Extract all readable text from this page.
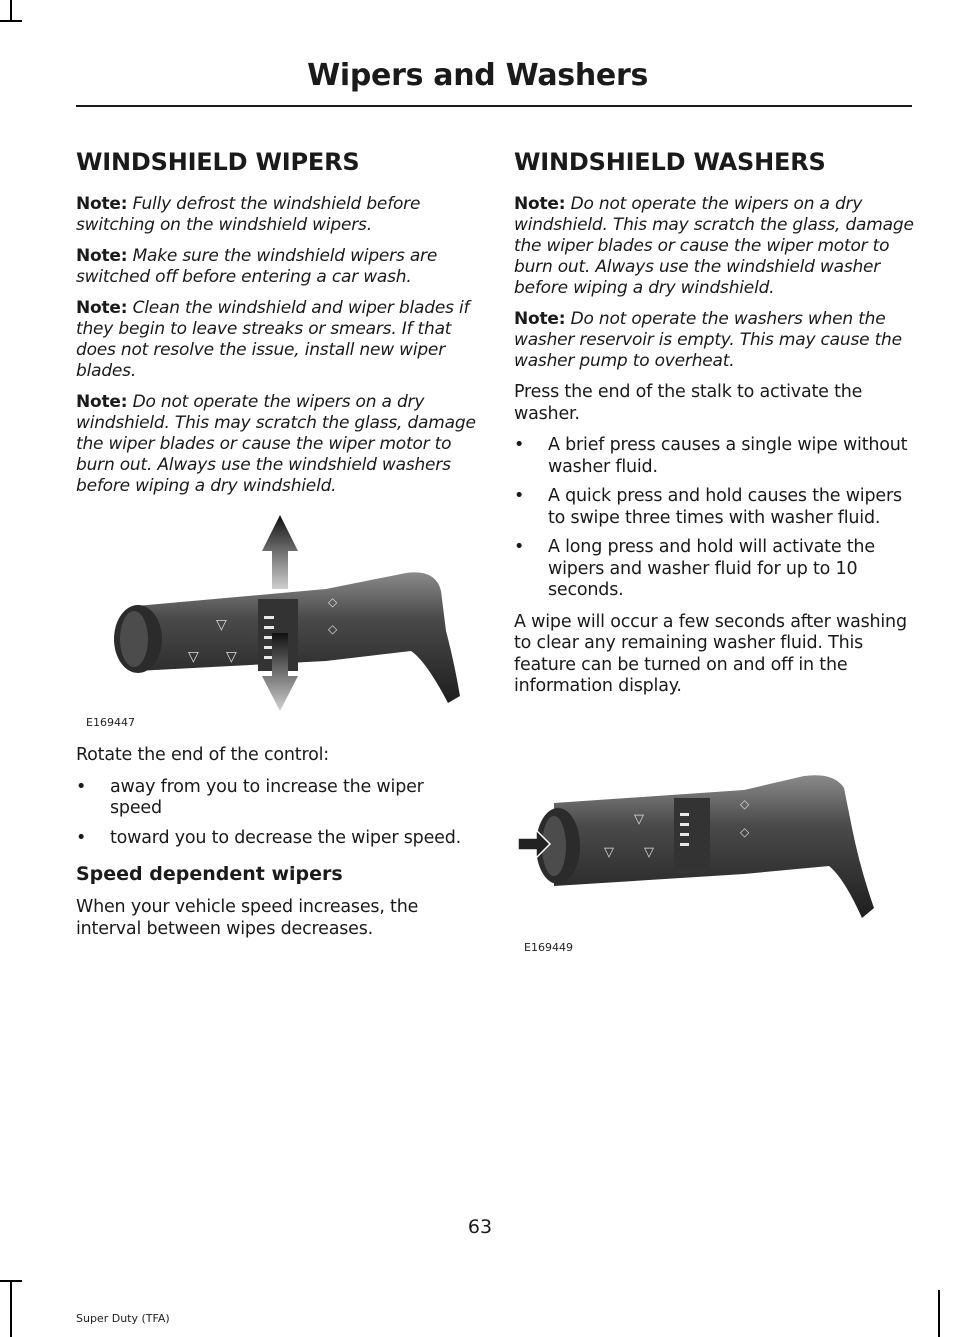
Wipers and Washers
WINDSHIELD WIPERS
Note: Fully defrost the windshield before switching on the windshield wipers.
Note: Make sure the windshield wipers are switched off before entering a car wash.
Note: Clean the windshield and wiper blades if they begin to leave streaks or smears. If that does not resolve the issue, install new wiper blades.
Note: Do not operate the wipers on a dry windshield. This may scratch the glass, damage the wiper blades or cause the wiper motor to burn out. Always use the windshield washers before wiping a dry windshield.
▽
▽
▽
◇
◇
E169447

Rotate the end of the control:

• away from you to increase the wiper speed
• toward you to decrease the wiper speed.
Speed dependent wipers

When your vehicle speed increases, the interval between wipes decreases.

WINDSHIELD WASHERS
Note: Do not operate the wipers on a dry windshield. This may scratch the glass, damage the wiper blades or cause the wiper motor to burn out. Always use the windshield washer before wiping a dry windshield.
Note: Do not operate the washers when the washer reservoir is empty. This may cause the washer pump to overheat.

Press the end of the stalk to activate the washer.

• A brief press causes a single wipe without washer fluid.
• A quick press and hold causes the wipers to swipe three times with washer fluid.
• A long press and hold will activate the wipers and washer fluid for up to 10 seconds.

A wipe will occur a few seconds after washing to clear any remaining washer fluid. This feature can be turned on and off in the information display.

▽
▽
▽
◇
◇
E169449
63
Super Duty (TFA)
